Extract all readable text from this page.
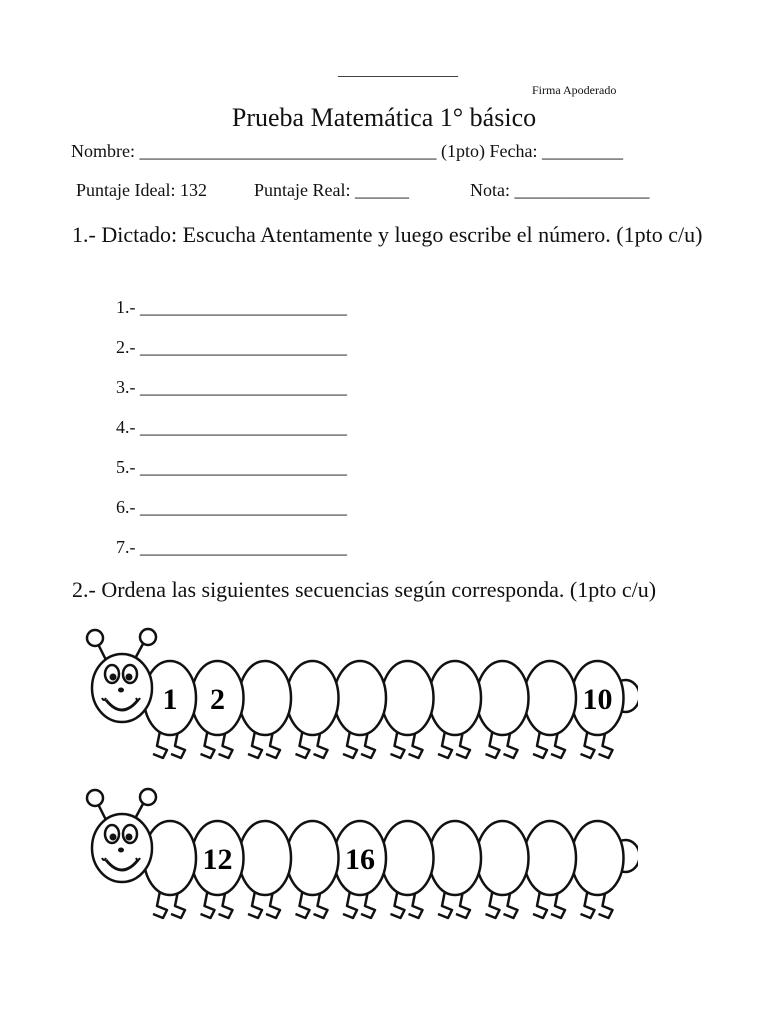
_______________
Firma Apoderado
Prueba Matemática 1° básico
Nombre: _________________________________ (1pto) Fecha: _________
Puntaje Ideal: 132	Puntaje Real: ______	Nota: _______________
1.- Dictado: Escucha Atentamente y luego escribe el número. (1pto c/u)
1.- _______________________
2.- _______________________
3.- _______________________
4.- _______________________
5.- _______________________
6.- _______________________
7.- _______________________
2.- Ordena las siguientes secuencias según corresponda. (1pto c/u)
1 2	10
12	16
